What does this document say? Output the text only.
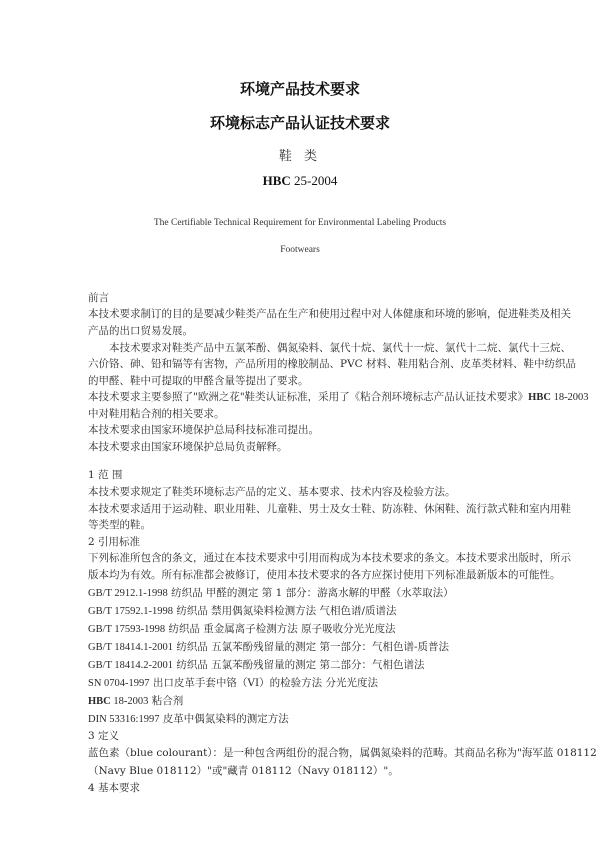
环境产品技术要求
环境标志产品认证技术要求
鞋 类
HBC 25-2004
The Certifiable Technical Requirement for Environmental Labeling Products
Footwears
前言
本技术要求制订的目的是要减少鞋类产品在生产和使用过程中对人体健康和环境的影响，促进鞋类及相关
产品的出口贸易发展。
本技术要求对鞋类产品中五氯苯酚、偶氮染料、氯代十烷、氯代十一烷、氯代十二烷、氯代十三烷、
六价铬、砷、铅和镉等有害物，产品所用的橡胶制品、PVC 材料、鞋用粘合剂、皮革类材料、鞋中纺织品
的甲醛、鞋中可提取的甲醛含量等提出了要求。
本技术要求主要参照了"欧洲之花"鞋类认证标准，采用了《粘合剂环境标志产品认证技术要求》HBC 18-2003
中对鞋用粘合剂的相关要求。
本技术要求由国家环境保护总局科技标准司提出。
本技术要求由国家环境保护总局负责解释。
1 范 围
本技术要求规定了鞋类环境标志产品的定义、基本要求、技术内容及检验方法。
本技术要求适用于运动鞋、职业用鞋、儿童鞋、男士及女士鞋、防冻鞋、休闲鞋、流行款式鞋和室内用鞋
等类型的鞋。
2 引用标准
下列标准所包含的条文，通过在本技术要求中引用而构成为本技术要求的条文。本技术要求出版时，所示
版本均为有效。所有标准都会被修订，使用本技术要求的各方应探讨使用下列标准最新版本的可能性。
GB/T 2912.1-1998 纺织品 甲醛的测定 第 1 部分：游离水解的甲醛（水萃取法）
GB/T 17592.1-1998 纺织品 禁用偶氮染料检测方法 气相色谱/质谱法
GB/T 17593-1998 纺织品 重金属离子检测方法 原子吸收分光光度法
GB/T 18414.1-2001 纺织品 五氯苯酚残留量的测定 第一部分：气相色谱-质普法
GB/T 18414.2-2001 纺织品 五氯苯酚残留量的测定 第二部分：气相色谱法
SN 0704-1997 出口皮革手套中铬（VI）的检验方法 分光光度法
HBC 18-2003 粘合剂
DIN 53316:1997 皮革中偶氮染料的测定方法
3 定义
蓝色素（blue colourant）：是一种包含两组份的混合物，属偶氮染料的范畴。其商品名称为"海军蓝 018112
（Navy Blue 018112）"或"藏青 018112（Navy 018112）"。
4 基本要求
